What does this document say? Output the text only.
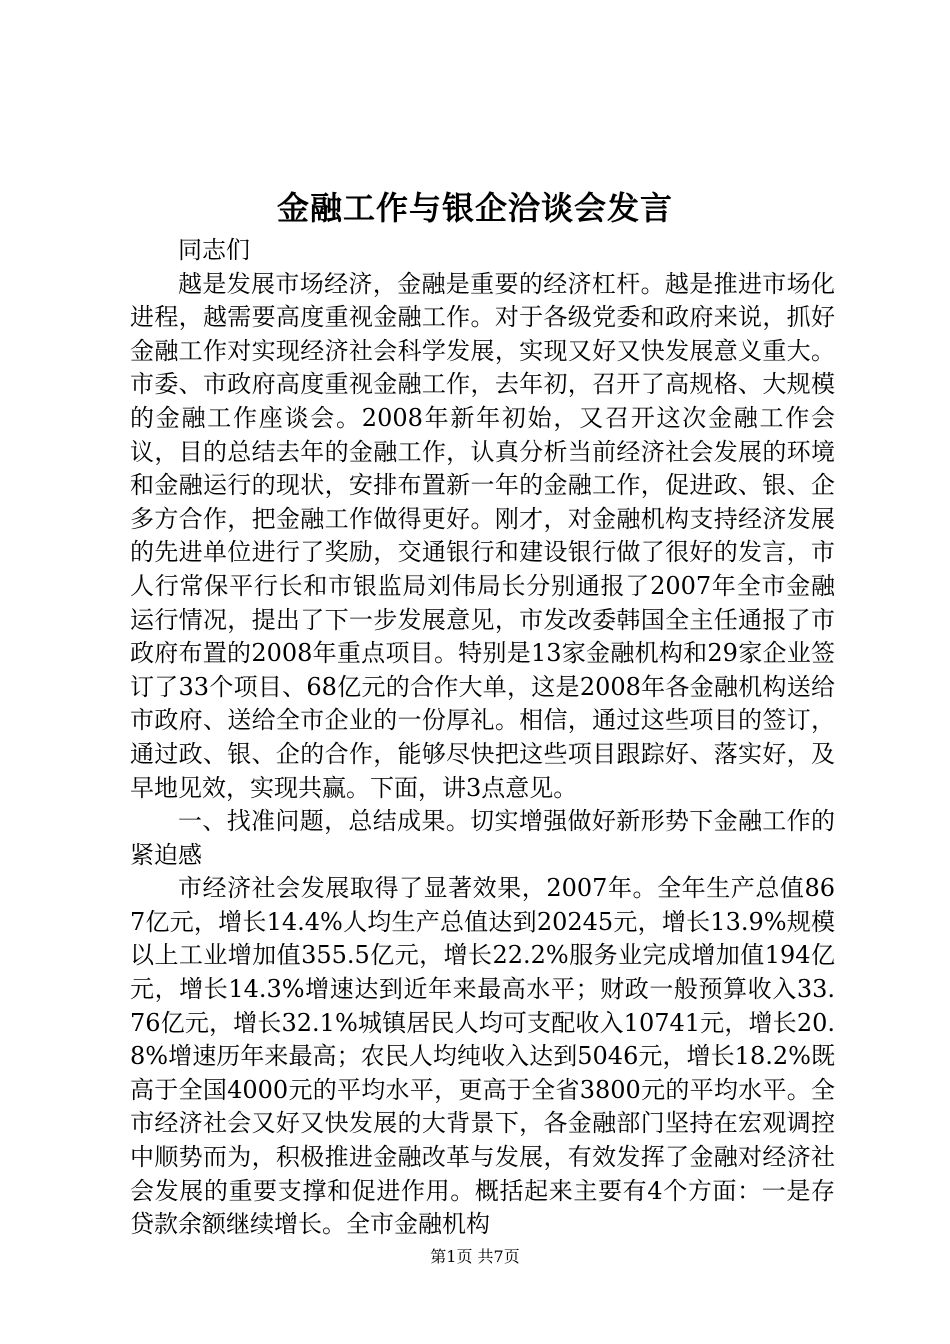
金融工作与银企洽谈会发言

同志们

越是发展市场经济，金融是重要的经济杠杆。越是推进市场化进程，越需要高度重视金融工作。对于各级党委和政府来说，抓好金融工作对实现经济社会科学发展，实现又好又快发展意义重大。市委、市政府高度重视金融工作，去年初，召开了高规格、大规模的金融工作座谈会。2008年新年初始，又召开这次金融工作会议，目的总结去年的金融工作，认真分析当前经济社会发展的环境和金融运行的现状，安排布置新一年的金融工作，促进政、银、企多方合作，把金融工作做得更好。刚才，对金融机构支持经济发展的先进单位进行了奖励，交通银行和建设银行做了很好的发言，市人行常保平行长和市银监局刘伟局长分别通报了2007年全市金融运行情况，提出了下一步发展意见，市发改委韩国全主任通报了市政府布置的2008年重点项目。特别是13家金融机构和29家企业签订了33个项目、68亿元的合作大单，这是2008年各金融机构送给市政府、送给全市企业的一份厚礼。相信，通过这些项目的签订，通过政、银、企的合作，能够尽快把这些项目跟踪好、落实好，及早地见效，实现共赢。下面，讲3点意见。

一、找准问题，总结成果。切实增强做好新形势下金融工作的紧迫感

市经济社会发展取得了显著效果，2007年。全年生产总值867亿元，增长14.4%人均生产总值达到20245元，增长13.9%规模以上工业增加值355.5亿元，增长22.2%服务业完成增加值194亿元，增长14.3%增速达到近年来最高水平；财政一般预算收入33.76亿元，增长32.1%城镇居民人均可支配收入10741元，增长20.8%增速历年来最高；农民人均纯收入达到5046元，增长18.2%既高于全国4000元的平均水平，更高于全省3800元的平均水平。全市经济社会又好又快发展的大背景下，各金融部门坚持在宏观调控中顺势而为，积极推进金融改革与发展，有效发挥了金融对经济社会发展的重要支撑和促进作用。概括起来主要有4个方面：一是存贷款余额继续增长。全市金融机构

第1页 共7页
